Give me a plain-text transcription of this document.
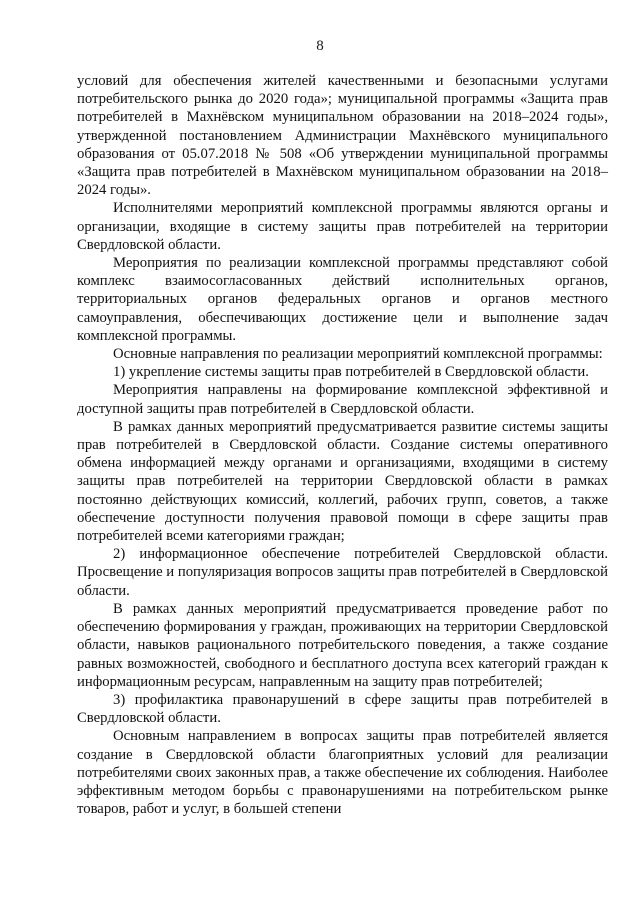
8

условий для обеспечения жителей качественными и безопасными услугами потребительского рынка до 2020 года»; муниципальной программы «Защита прав потребителей в Махнёвском муниципальном образовании на 2018–2024 годы», утвержденной постановлением Администрации Махнёвского муниципального образования от 05.07.2018 № 508 «Об утверждении муниципальной программы «Защита прав потребителей в Махнёвском муниципальном образовании на 2018–2024 годы».

Исполнителями мероприятий комплексной программы являются органы и организации, входящие в систему защиты прав потребителей на территории Свердловской области.

Мероприятия по реализации комплексной программы представляют собой комплекс взаимосогласованных действий исполнительных органов, территориальных органов федеральных органов и органов местного самоуправления, обеспечивающих достижение цели и выполнение задач комплексной программы.

Основные направления по реализации мероприятий комплексной программы:

1) укрепление системы защиты прав потребителей в Свердловской области.

Мероприятия направлены на формирование комплексной эффективной и доступной защиты прав потребителей в Свердловской области.

В рамках данных мероприятий предусматривается развитие системы защиты прав потребителей в Свердловской области. Создание системы оперативного обмена информацией между органами и организациями, входящими в систему защиты прав потребителей на территории Свердловской области в рамках постоянно действующих комиссий, коллегий, рабочих групп, советов, а также обеспечение доступности получения правовой помощи в сфере защиты прав потребителей всеми категориями граждан;

2) информационное обеспечение потребителей Свердловской области. Просвещение и популяризация вопросов защиты прав потребителей в Свердловской области.

В рамках данных мероприятий предусматривается проведение работ по обеспечению формирования у граждан, проживающих на территории Свердловской области, навыков рационального потребительского поведения, а также создание равных возможностей, свободного и бесплатного доступа всех категорий граждан к информационным ресурсам, направленным на защиту прав потребителей;

3) профилактика правонарушений в сфере защиты прав потребителей в Свердловской области.

Основным направлением в вопросах защиты прав потребителей является создание в Свердловской области благоприятных условий для реализации потребителями своих законных прав, а также обеспечение их соблюдения. Наиболее эффективным методом борьбы с правонарушениями на потребительском рынке товаров, работ и услуг, в большей степени
